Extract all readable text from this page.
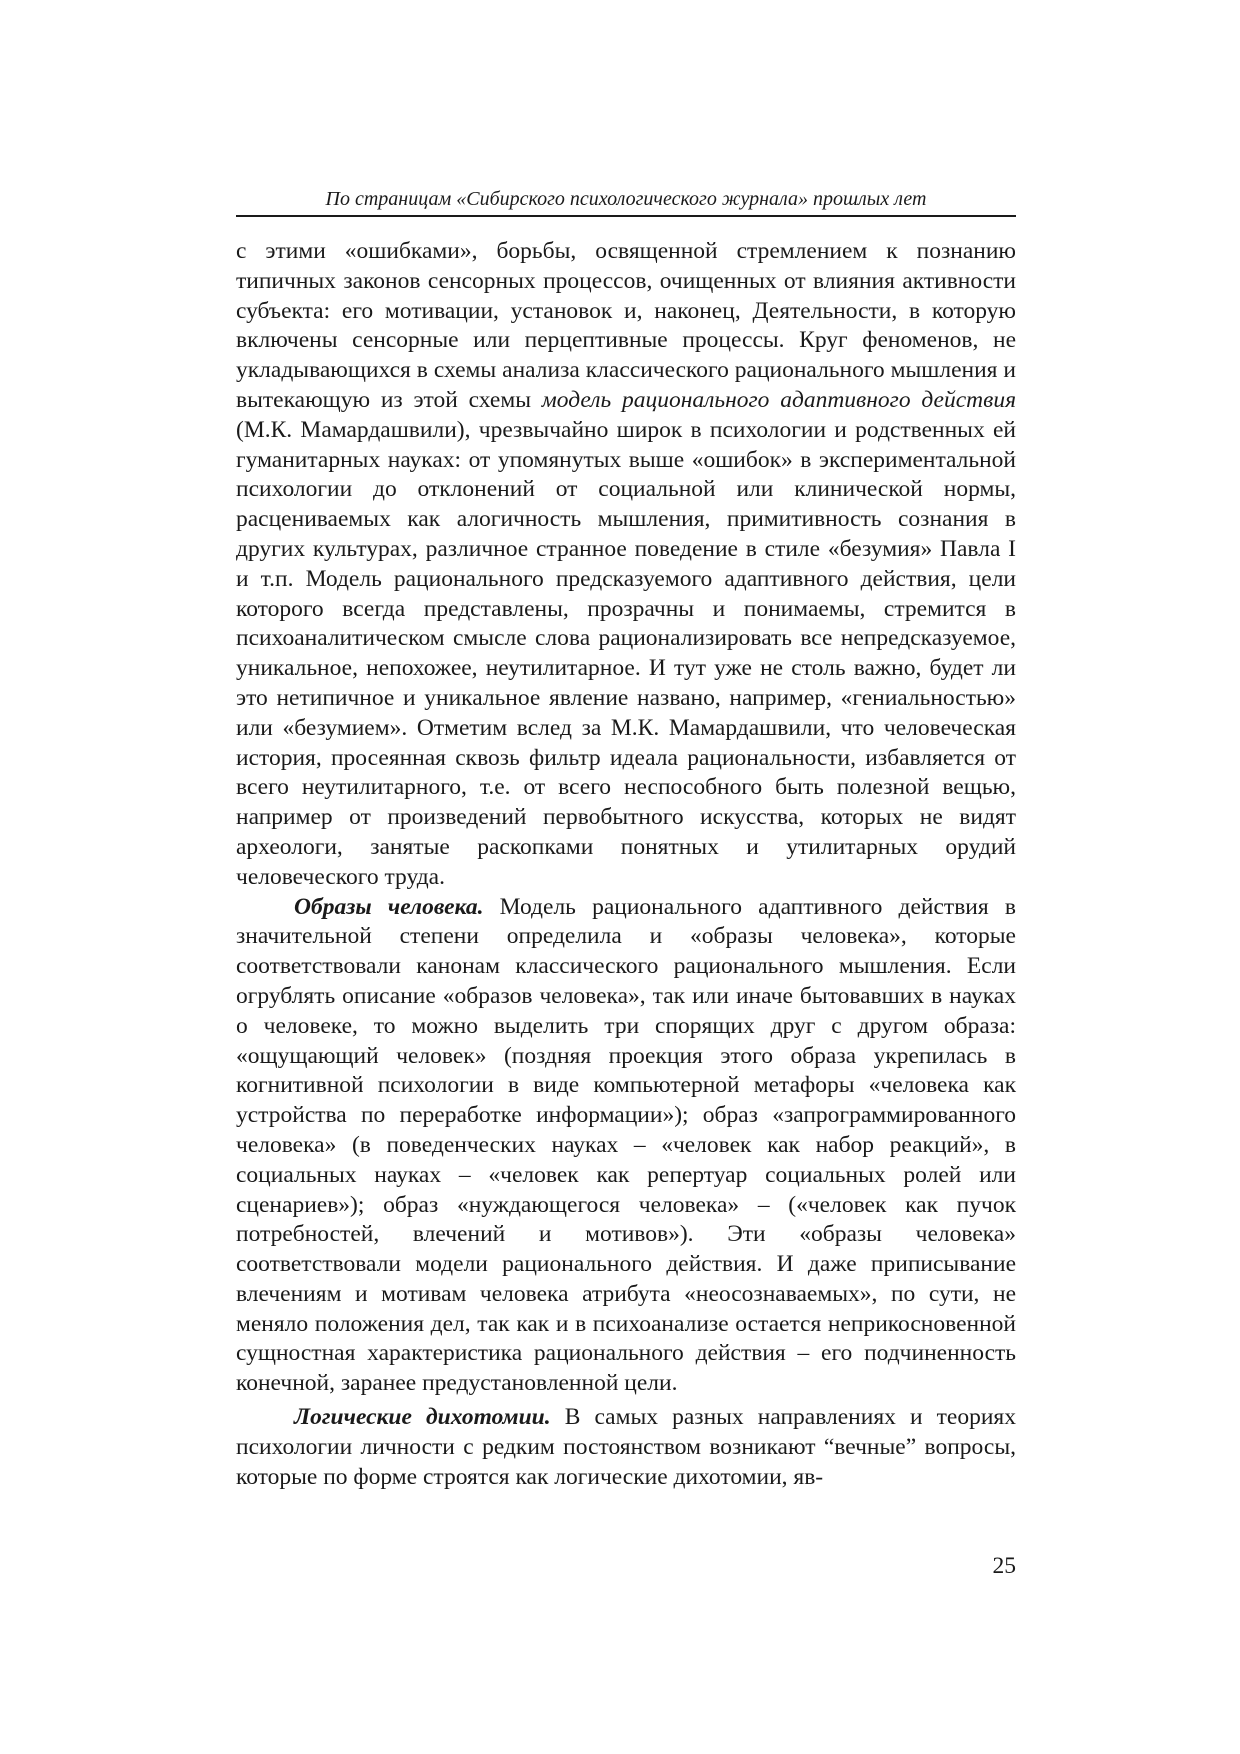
По страницам «Сибирского психологического журнала» прошлых лет

с этими «ошибками», борьбы, освященной стремлением к познанию типичных законов сенсорных процессов, очищенных от влияния активности субъекта: его мотивации, установок и, наконец, Деятельности, в которую включены сенсорные или перцептивные процессы. Круг феноменов, не укладывающихся в схемы анализа классического рационального мышления и вытекающую из этой схемы модель рационального адаптивного действия (М.К. Мамардашвили), чрезвычайно широк в психологии и родственных ей гуманитарных науках: от упомянутых выше «ошибок» в экспериментальной психологии до отклонений от социальной или клинической нормы, расцениваемых как алогичность мышления, примитивность сознания в других культурах, различное странное поведение в стиле «безумия» Павла I и т.п. Модель рационального предсказуемого адаптивного действия, цели которого всегда представлены, прозрачны и понимаемы, стремится в психоаналитическом смысле слова рационализировать все непредсказуемое, уникальное, непохожее, неутилитарное. И тут уже не столь важно, будет ли это нетипичное и уникальное явление названо, например, «гениальностью» или «безумием». Отметим вслед за М.К. Мамардашвили, что человеческая история, просеянная сквозь фильтр идеала рациональности, избавляется от всего неутилитарного, т.е. от всего неспособного быть полезной вещью, например от произведений первобытного искусства, которых не видят археологи, занятые раскопками понятных и утилитарных орудий человеческого труда.

Образы человека. Модель рационального адаптивного действия в значительной степени определила и «образы человека», которые соответствовали канонам классического рационального мышления. Если огрублять описание «образов человека», так или иначе бытовавших в науках о человеке, то можно выделить три спорящих друг с другом образа: «ощущающий человек» (поздняя проекция этого образа укрепилась в когнитивной психологии в виде компьютерной метафоры «человека как устройства по переработке информации»); образ «запрограммированного человека» (в поведенческих науках – «человек как набор реакций», в социальных науках – «человек как репертуар социальных ролей или сценариев»); образ «нуждающегося человека» – («человек как пучок потребностей, влечений и мотивов»). Эти «образы человека» соответствовали модели рационального действия. И даже приписывание влечениям и мотивам человека атрибута «неосознаваемых», по сути, не меняло положения дел, так как и в психоанализе остается неприкосновенной сущностная характеристика рационального действия – его подчиненность конечной, заранее предустановленной цели.

Логические дихотомии. В самых разных направлениях и теориях психологии личности с редким постоянством возникают “вечные” вопросы, которые по форме строятся как логические дихотомии, яв-

25
